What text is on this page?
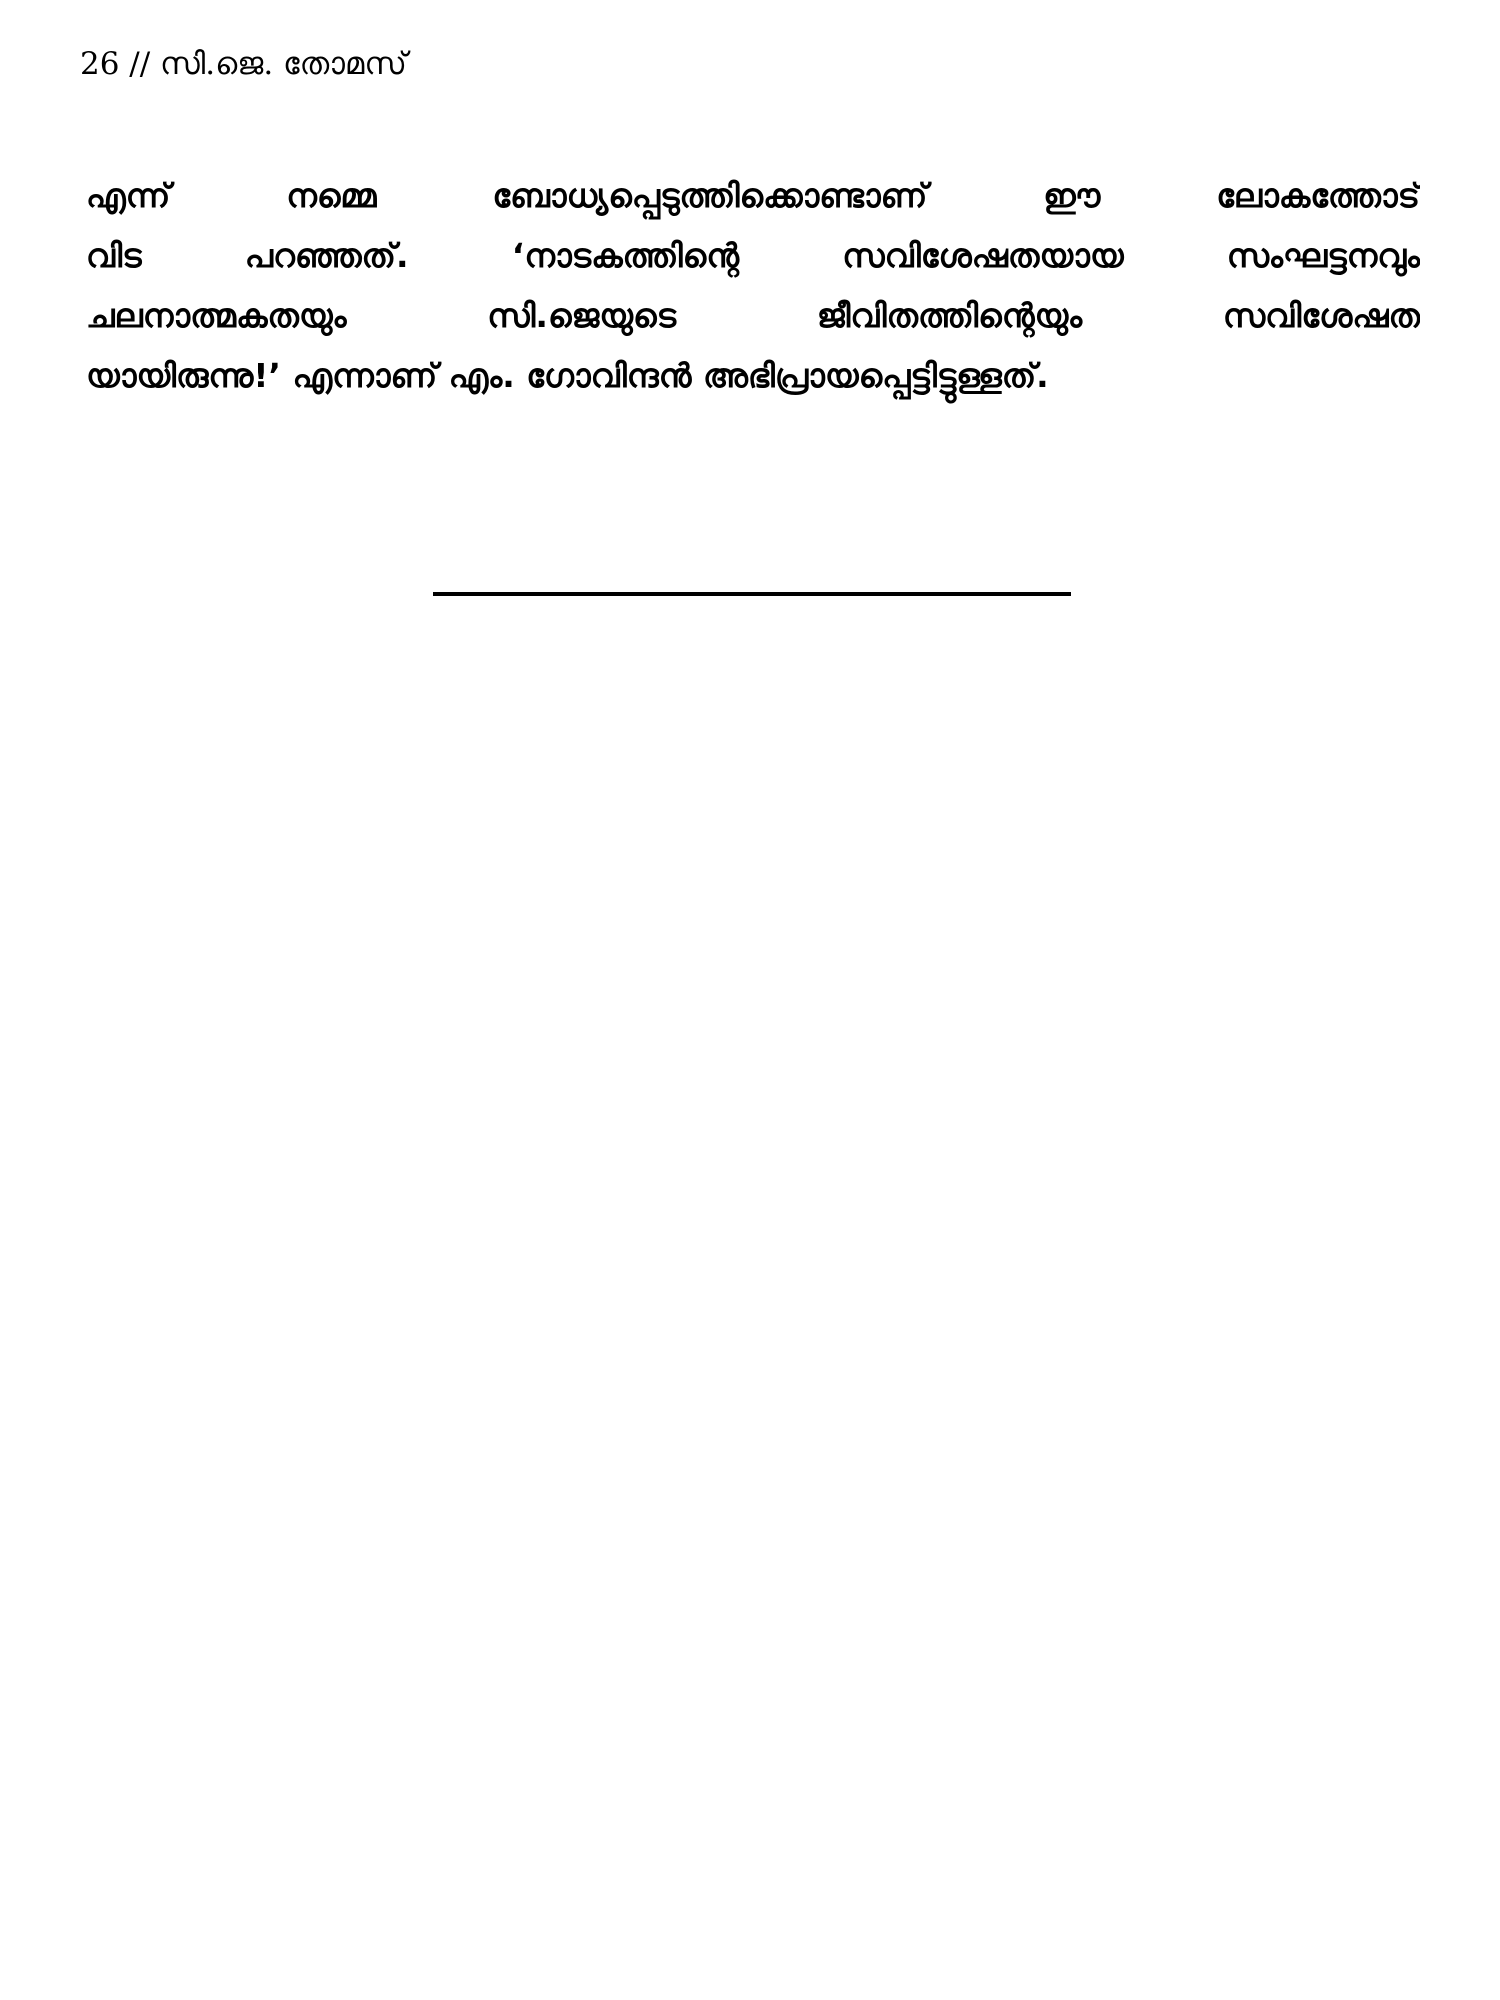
26 // സി.ജെ. തോമസ്
എന്ന് നമ്മെ ബോധ്യപ്പെടുത്തിക്കൊണ്ടാണ് ഈ ലോകത്തോട്
വിട പറഞ്ഞത്. ‘നാടകത്തിന്റെ സവിശേഷതയായ സംഘട്ടനവും
ചലനാത്മകതയും സി.ജെയുടെ ജീവിതത്തിന്റെയും സവിശേഷത
യായിരുന്നു!’ എന്നാണ് എം. ഗോവിന്ദൻ അഭിപ്രായപ്പെട്ടിട്ടുള്ളത്.
